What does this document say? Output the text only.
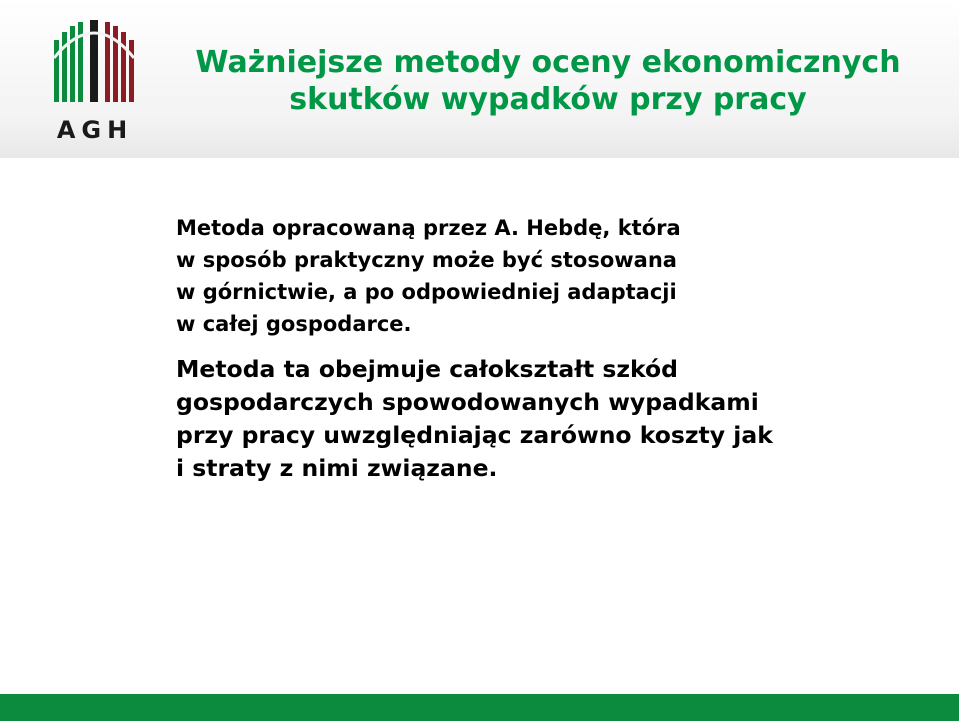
AGH
Ważniejsze metody oceny ekonomicznych
skutków wypadków przy pracy
Metoda opracowaną przez A. Hebdę, która
w sposób praktyczny może być stosowana
w górnictwie, a po odpowiedniej adaptacji
w całej gospodarce.
Metoda ta obejmuje całokształt szkód
gospodarczych spowodowanych wypadkami
przy pracy uwzględniając zarówno koszty jak
i straty z nimi związane.
